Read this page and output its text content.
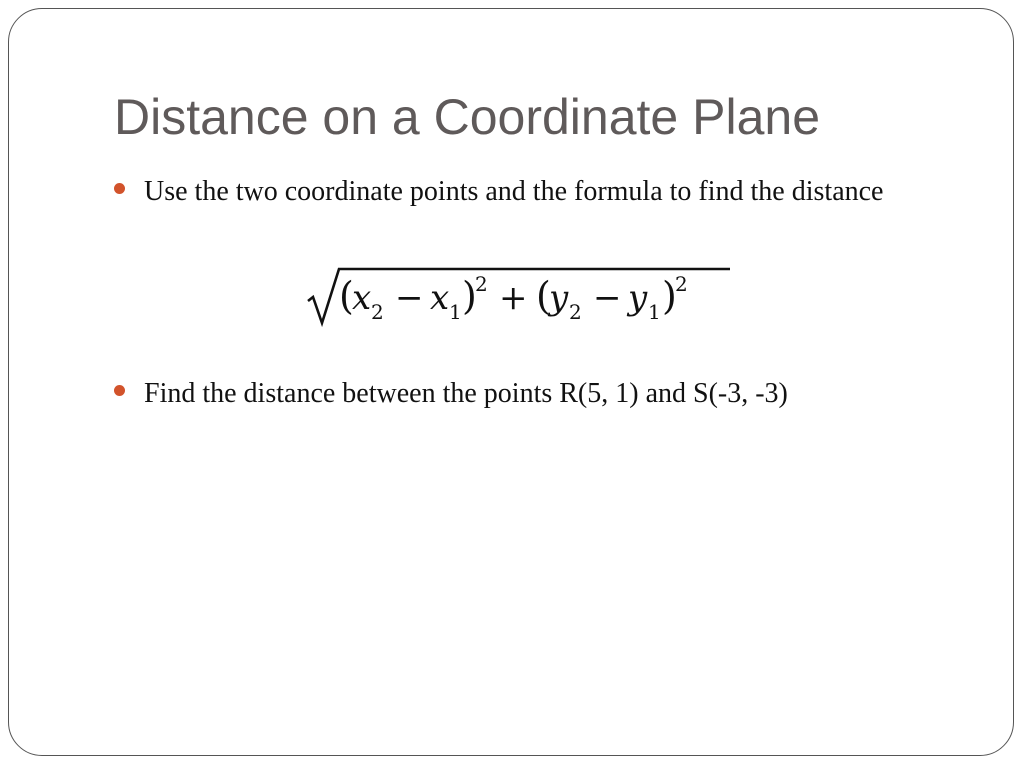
Distance on a Coordinate Plane

Use the two coordinate points and the formula to find the distance

(
x 2 − x 1 )
2 + (
y 2 − y 1 )
2

Find the distance between the points R(5, 1) and S(-3, -3)
